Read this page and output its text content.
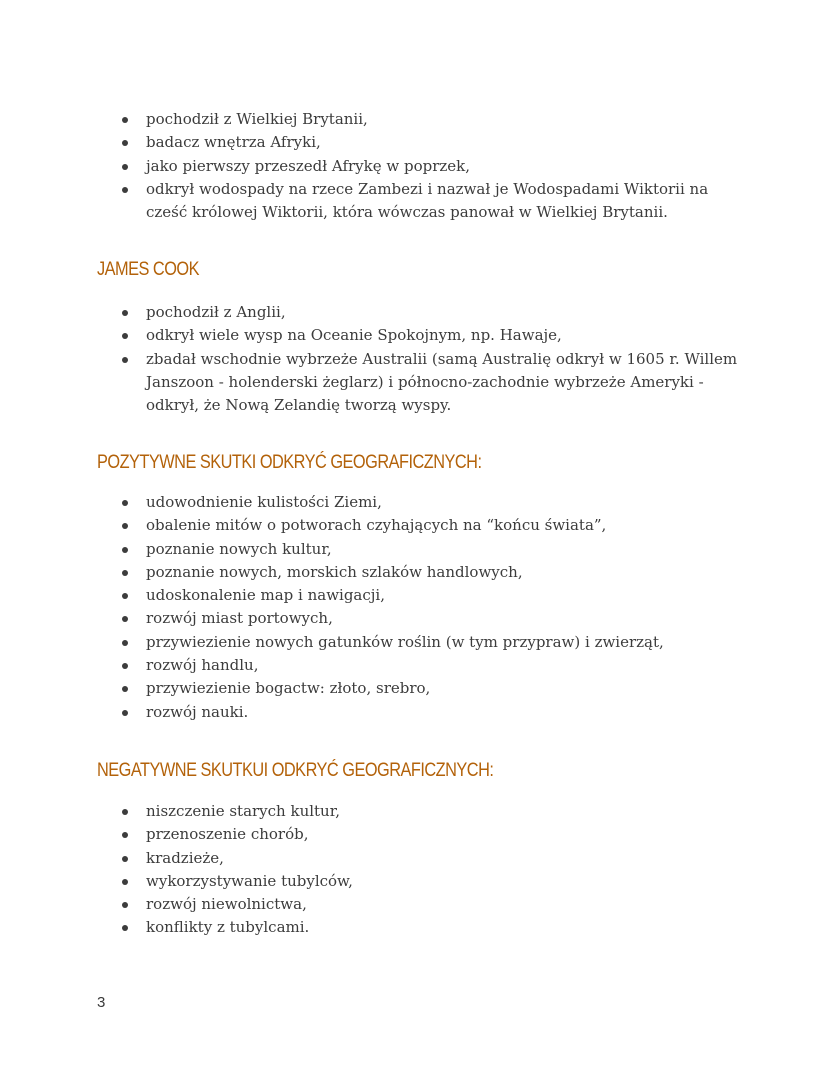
pochodził z Wielkiej Brytanii,
badacz wnętrza Afryki,
jako pierwszy przeszedł Afrykę w poprzek,
odkrył wodospady na rzece Zambezi i nazwał je Wodospadami Wiktorii na cześć królowej Wiktorii, która wówczas panował w Wielkiej Brytanii.
JAMES COOK
pochodził z Anglii,
odkrył wiele wysp na Oceanie Spokojnym, np. Hawaje,
zbadał wschodnie wybrzeże Australii (samą Australię odkrył w 1605 r. Willem Janszoon - holenderski żeglarz) i północno-zachodnie wybrzeże Ameryki - odkrył, że Nową Zelandię tworzą wyspy.
POZYTYWNE SKUTKI ODKRYĆ GEOGRAFICZNYCH:
udowodnienie kulistości Ziemi,
obalenie mitów o potworach czyhających na “końcu świata”,
poznanie nowych kultur,
poznanie nowych, morskich szlaków handlowych,
udoskonalenie map i nawigacji,
rozwój miast portowych,
przywiezienie nowych gatunków roślin (w tym przypraw) i zwierząt,
rozwój handlu,
przywiezienie bogactw: złoto, srebro,
rozwój nauki.
NEGATYWNE SKUTKUI ODKRYĆ GEOGRAFICZNYCH:
niszczenie starych kultur,
przenoszenie chorób,
kradzieże,
wykorzystywanie tubylców,
rozwój niewolnictwa,
konflikty z tubylcami.
3
